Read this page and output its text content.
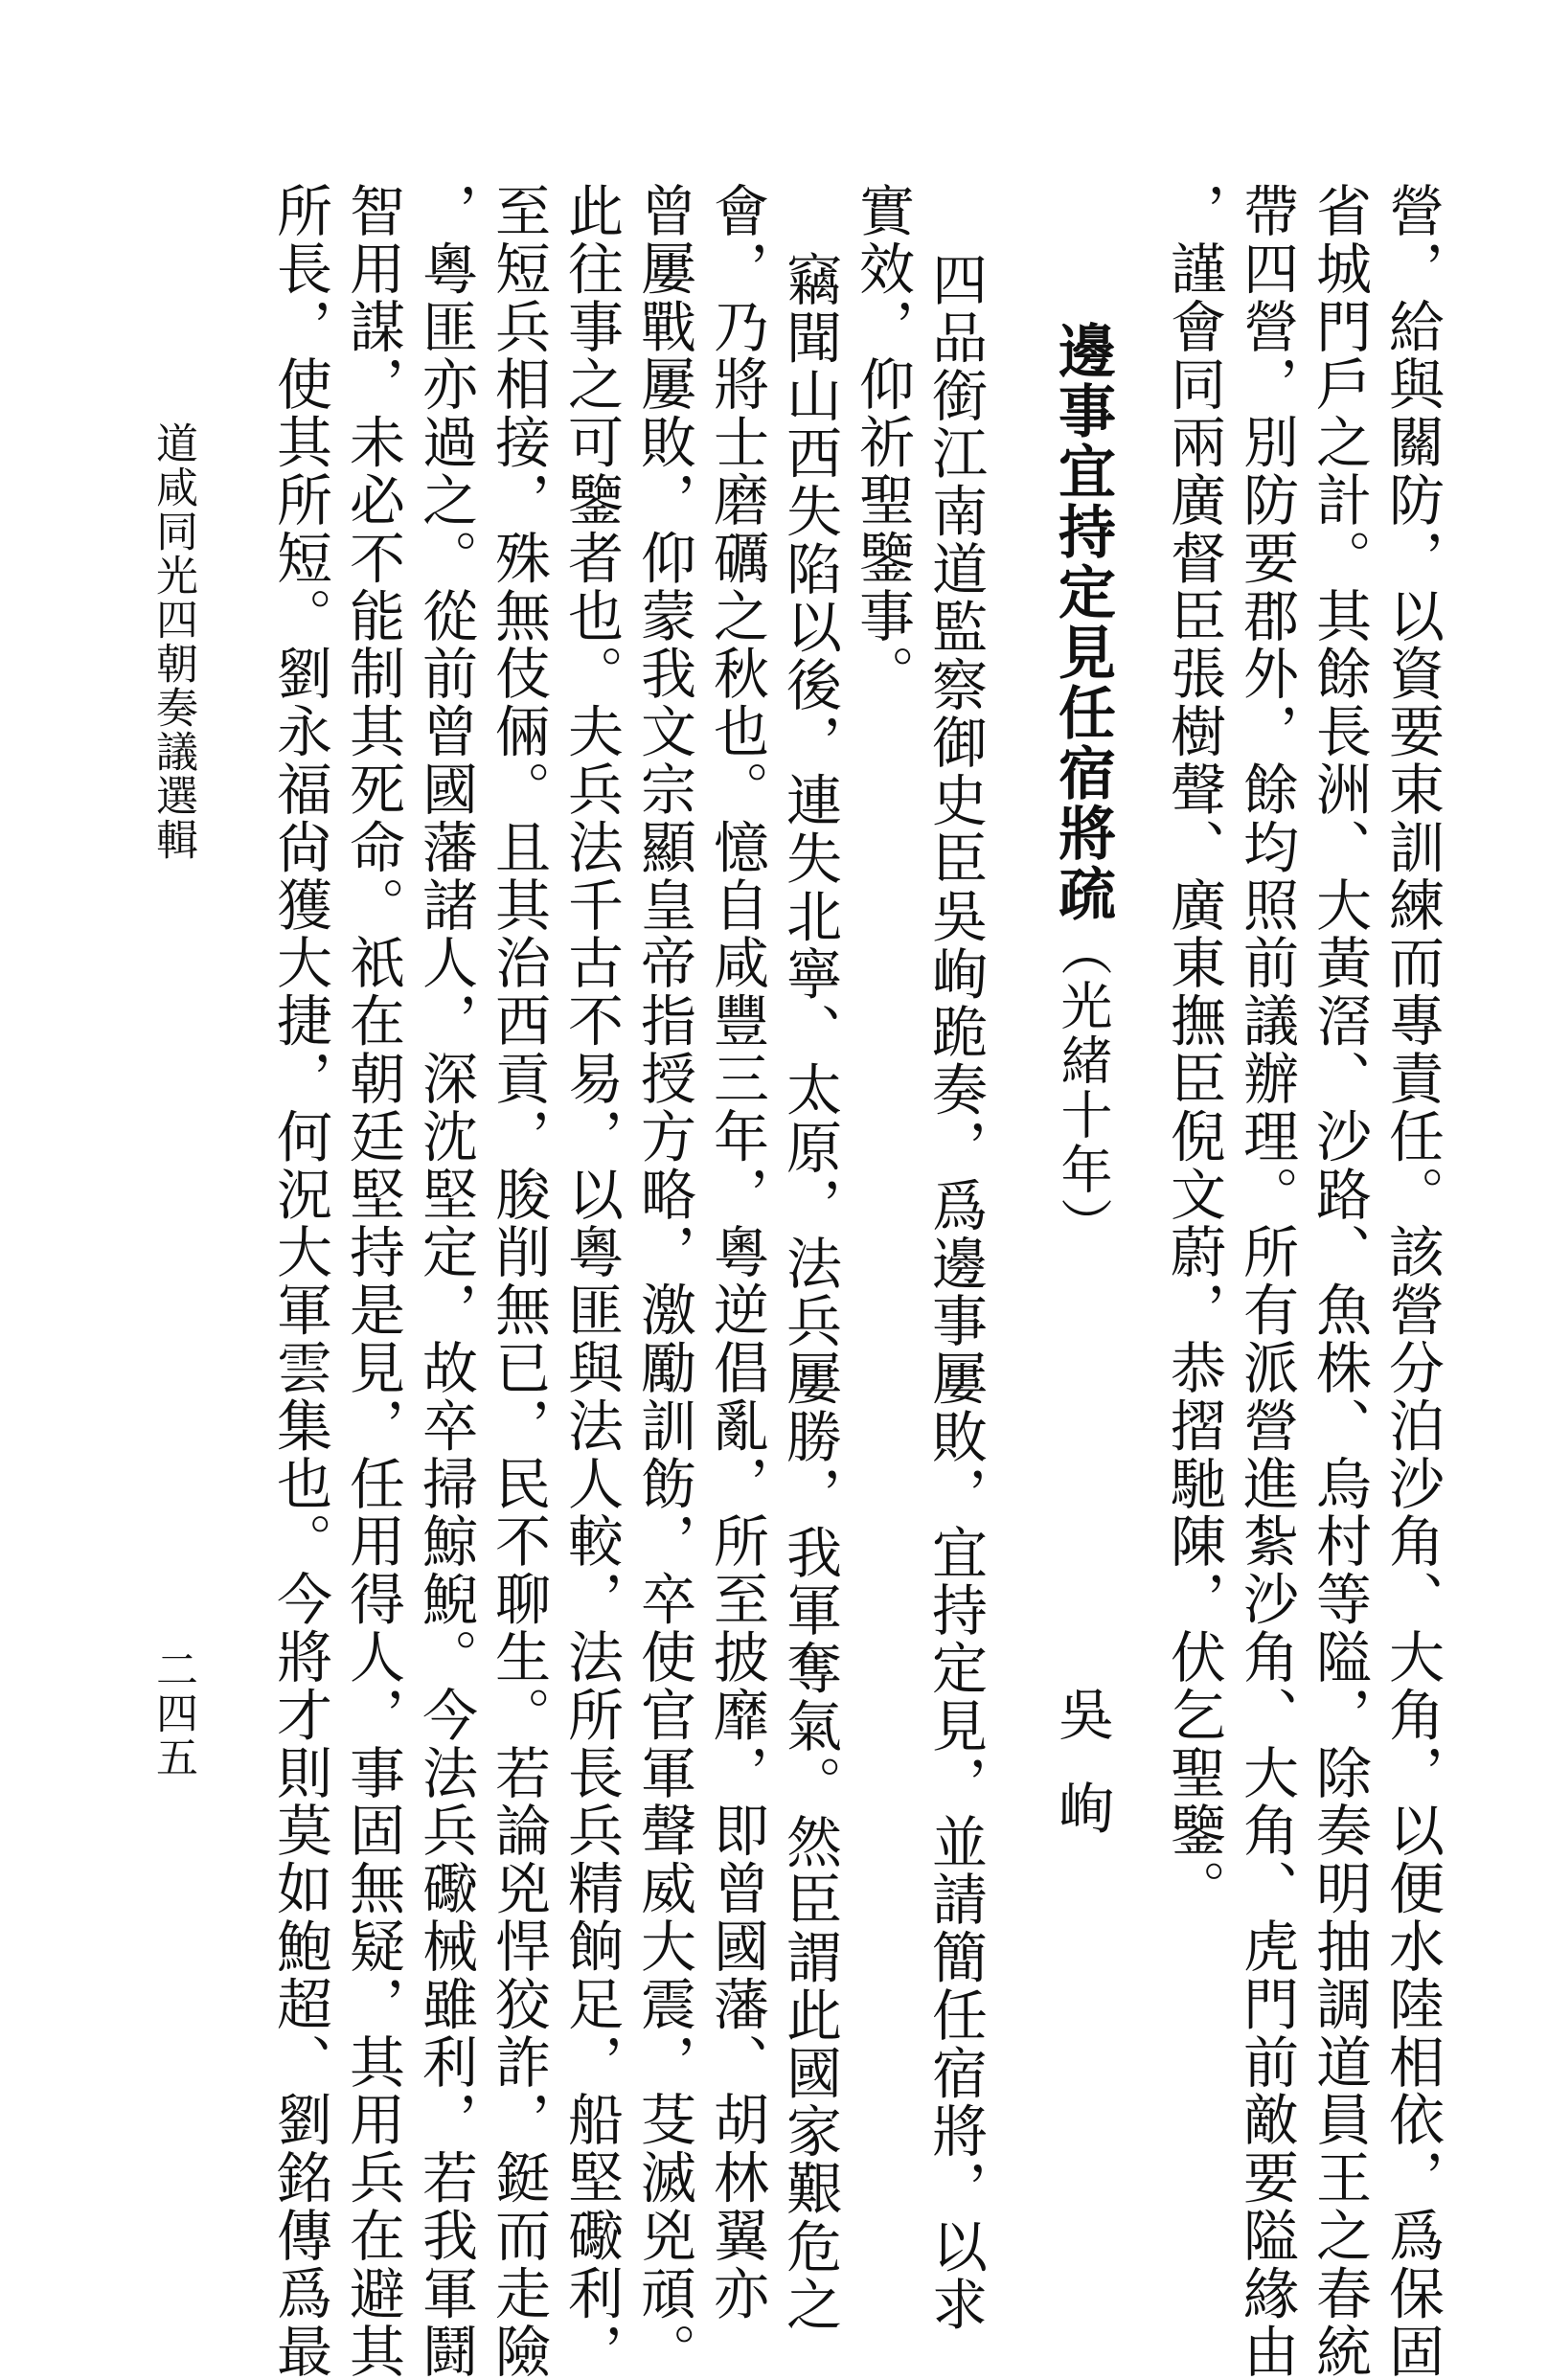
營，給與關防，以資要束訓練而專責任。該營分泊沙角、大角，以便水陸相依，爲保固
省城門戶之計。其餘長洲、大黃滘、沙路、魚株、烏村等隘，除奏明抽調道員王之春統
帶四營，別防要郡外，餘均照前議辦理。所有派營進紮沙角、大角、虎門前敵要隘緣由
，謹會同兩廣督臣張樹聲、廣東撫臣倪文蔚，恭摺馳陳，伏乞聖鑒。
邊事宜持定見任宿將疏（光緒十年）
吳峋
四品銜江南道監察御史臣吳峋跪奏，爲邊事屢敗，宜持定見，並請簡任宿將，以求
實效，仰祈聖鑒事。
竊聞山西失陷以後，連失北寧、太原，法兵屢勝，我軍奪氣。然臣謂此國家艱危之
會，乃將士磨礪之秋也。憶自咸豐三年，粵逆倡亂，所至披靡，即曾國藩、胡林翼亦
曾屢戰屢敗，仰蒙我文宗顯皇帝指授方略，激勵訓飭，卒使官軍聲威大震，芟滅兇頑。
此往事之可鑒者也。夫兵法千古不易，以粵匪與法人較，法所長兵精餉足，船堅礮利，
至短兵相接，殊無伎倆。且其治西貢，朘削無已，民不聊生。若論兇悍狡詐，鋌而走險
，粵匪亦過之。從前曾國藩諸人，深沈堅定，故卒掃鯨鯢。今法兵礮械雖利，若我軍鬪
智用謀，未必不能制其死命。祇在朝廷堅持是見，任用得人，事固無疑，其用兵在避其
所長，使其所短。劉永福尙獲大捷，何況大軍雲集也。今將才則莫如鮑超、劉銘傳爲最
道咸同光四朝奏議選輯
二四五
